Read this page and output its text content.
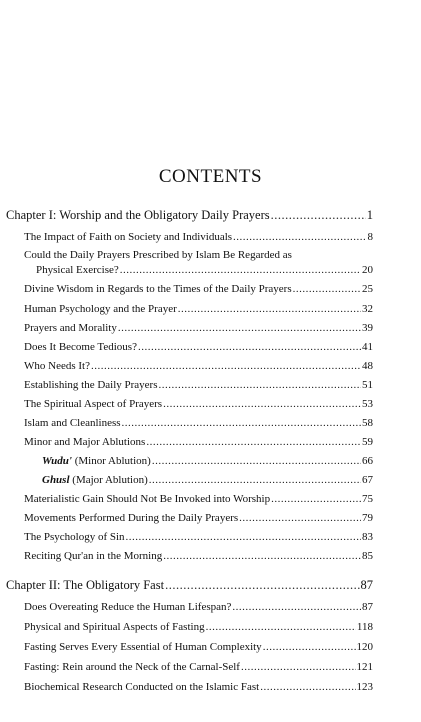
CONTENTS
Chapter I: Worship and the Obligatory Daily Prayers .....	1
The Impact of Faith on Society and Individuals .....	8
Could the Daily Prayers Prescribed by Islam Be Regarded as
Physical Exercise? .....	20
Divine Wisdom in Regards to the Times of the Daily Prayers .....	25
Human Psychology and the Prayer .....	32
Prayers and Morality .....	39
Does It Become Tedious? .....	41
Who Needs It? .....	48
Establishing the Daily Prayers .....	51
The Spiritual Aspect of Prayers .....	53
Islam and Cleanliness .....	58
Minor and Major Ablutions .....	59
Wudu' (Minor Ablution) .....	66
Ghusl (Major Ablution) .....	67
Materialistic Gain Should Not Be Invoked into Worship .....	75
Movements Performed During the Daily Prayers .....	79
The Psychology of Sin .....	83
Reciting Qur'an in the Morning .....	85
Chapter II: The Obligatory Fast .....	87
Does Overeating Reduce the Human Lifespan? .....	87
Physical and Spiritual Aspects of Fasting .....	118
Fasting Serves Every Essential of Human Complexity .....	120
Fasting: Rein around the Neck of the Carnal-Self .....	121
Biochemical Research Conducted on the Islamic Fast .....	123
